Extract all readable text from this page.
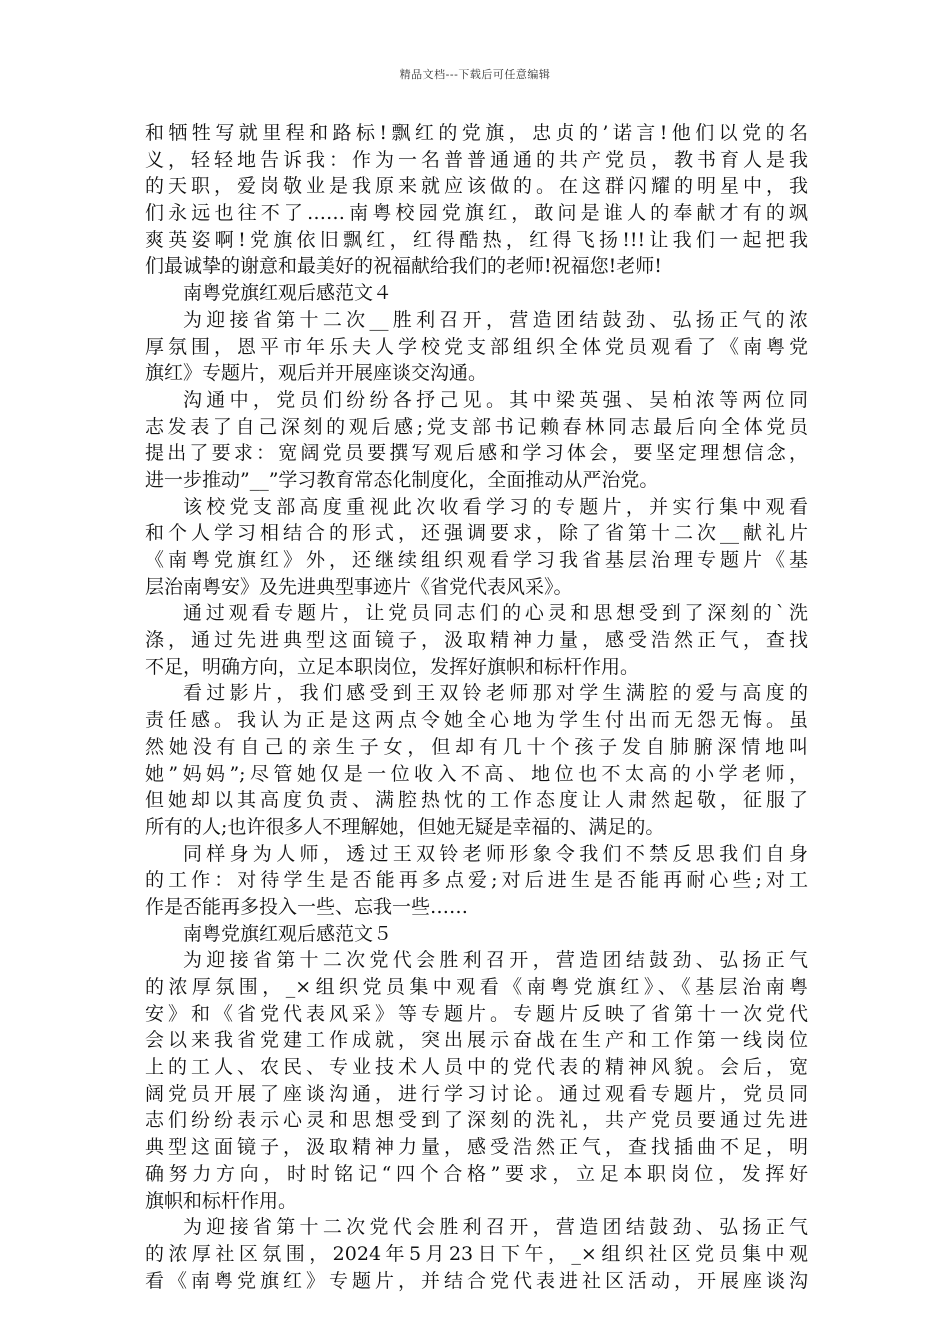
精品文档---下载后可任意编辑
和牺牲写就里程和路标!飘红的党旗，忠贞的’诺言!他们以党的名
义，轻轻地告诉我：作为一名普普通通的共产党员，教书育人是我
的天职，爱岗敬业是我原来就应该做的。在这群闪耀的明星中，我
们永远也往不了……南粤校园党旗红，敢问是谁人的奉献才有的飒
爽英姿啊!党旗依旧飘红，红得酷热，红得飞扬!!!让我们一起把我
们最诚挚的谢意和最美好的祝福献给我们的老师!祝福您!老师!
南粤党旗红观后感范文４
为迎接省第十二次__胜利召开，营造团结鼓劲、弘扬正气的浓
厚氛围，恩平市年乐夫人学校党支部组织全体党员观看了《南粤党
旗红》专题片，观后并开展座谈交沟通。
沟通中，党员们纷纷各抒己见。其中梁英强、吴柏浓等两位同
志发表了自己深刻的观后感;党支部书记赖春林同志最后向全体党员
提出了要求：宽阔党员要撰写观后感和学习体会，要坚定理想信念，
进一步推动”__”学习教育常态化制度化，全面推动从严治党。
该校党支部高度重视此次收看学习的专题片，并实行集中观看
和个人学习相结合的形式，还强调要求，除了省第十二次__献礼片
《南粤党旗红》外，还继续组织观看学习我省基层治理专题片《基
层治南粤安》及先进典型事迹片《省党代表风采》。
通过观看专题片，让党员同志们的心灵和思想受到了深刻的`洗
涤，通过先进典型这面镜子，汲取精神力量，感受浩然正气，查找
不足，明确方向，立足本职岗位，发挥好旗帜和标杆作用。
看过影片，我们感受到王双铃老师那对学生满腔的爱与高度的
责任感。我认为正是这两点令她全心地为学生付出而无怨无悔。虽
然她没有自己的亲生子女，但却有几十个孩子发自肺腑深情地叫
她”妈妈”;尽管她仅是一位收入不高、地位也不太高的小学老师，
但她却以其高度负责、满腔热忱的工作态度让人肃然起敬，征服了
所有的人;也许很多人不理解她，但她无疑是幸福的、满足的。
同样身为人师，透过王双铃老师形象令我们不禁反思我们自身
的工作：对待学生是否能再多点爱;对后进生是否能再耐心些;对工
作是否能再多投入一些、忘我一些……
南粤党旗红观后感范文５
为迎接省第十二次党代会胜利召开，营造团结鼓劲、弘扬正气
的浓厚氛围，_×组织党员集中观看《南粤党旗红》、《基层治南粤
安》和《省党代表风采》等专题片。专题片反映了省第十一次党代
会以来我省党建工作成就，突出展示奋战在生产和工作第一线岗位
上的工人、农民、专业技术人员中的党代表的精神风貌。会后，宽
阔党员开展了座谈沟通，进行学习讨论。通过观看专题片，党员同
志们纷纷表示心灵和思想受到了深刻的洗礼，共产党员要通过先进
典型这面镜子，汲取精神力量，感受浩然正气，查找插曲不足，明
确努力方向，时时铭记“四个合格”要求，立足本职岗位，发挥好
旗帜和标杆作用。
为迎接省第十二次党代会胜利召开，营造团结鼓劲、弘扬正气
的浓厚社区氛围，2024年5月23日下午，_×组织社区党员集中观
看《南粤党旗红》专题片，并结合党代表进社区活动，开展座谈沟
